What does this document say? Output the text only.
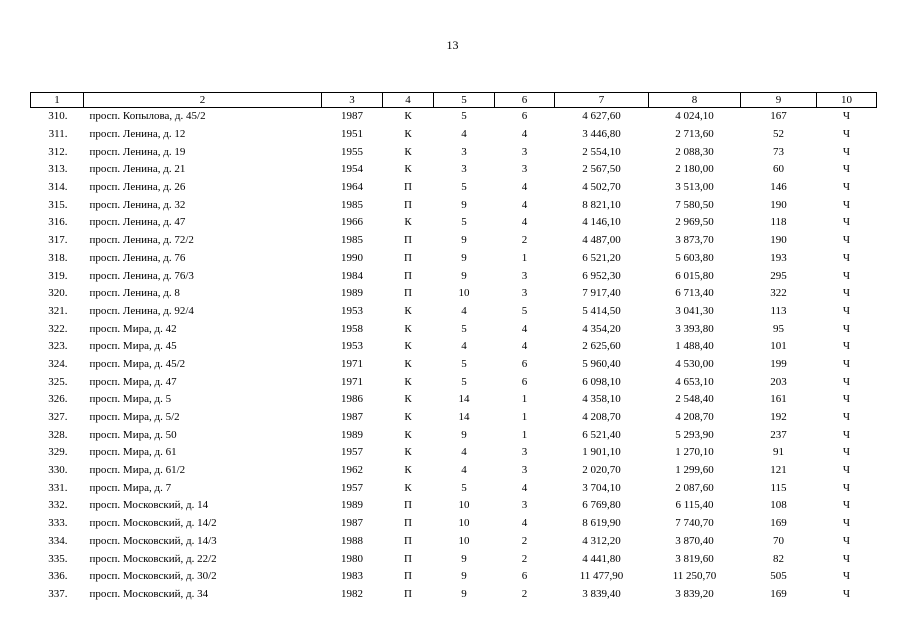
13
1	2	3	4	5	6	7	8	9	10
310.	просп. Копылова, д. 45/2	1987	К	5	6	4 627,60	4 024,10	167	Ч
311.	просп. Ленина, д. 12	1951	К	4	4	3 446,80	2 713,60	52	Ч
312.	просп. Ленина, д. 19	1955	К	3	3	2 554,10	2 088,30	73	Ч
313.	просп. Ленина, д. 21	1954	К	3	3	2 567,50	2 180,00	60	Ч
314.	просп. Ленина, д. 26	1964	П	5	4	4 502,70	3 513,00	146	Ч
315.	просп. Ленина, д. 32	1985	П	9	4	8 821,10	7 580,50	190	Ч
316.	просп. Ленина, д. 47	1966	К	5	4	4 146,10	2 969,50	118	Ч
317.	просп. Ленина, д. 72/2	1985	П	9	2	4 487,00	3 873,70	190	Ч
318.	просп. Ленина, д. 76	1990	П	9	1	6 521,20	5 603,80	193	Ч
319.	просп. Ленина, д. 76/3	1984	П	9	3	6 952,30	6 015,80	295	Ч
320.	просп. Ленина, д. 8	1989	П	10	3	7 917,40	6 713,40	322	Ч
321.	просп. Ленина, д. 92/4	1953	К	4	5	5 414,50	3 041,30	113	Ч
322.	просп. Мира, д. 42	1958	К	5	4	4 354,20	3 393,80	95	Ч
323.	просп. Мира, д. 45	1953	К	4	4	2 625,60	1 488,40	101	Ч
324.	просп. Мира, д. 45/2	1971	К	5	6	5 960,40	4 530,00	199	Ч
325.	просп. Мира, д. 47	1971	К	5	6	6 098,10	4 653,10	203	Ч
326.	просп. Мира, д. 5	1986	К	14	1	4 358,10	2 548,40	161	Ч
327.	просп. Мира, д. 5/2	1987	К	14	1	4 208,70	4 208,70	192	Ч
328.	просп. Мира, д. 50	1989	К	9	1	6 521,40	5 293,90	237	Ч
329.	просп. Мира, д. 61	1957	К	4	3	1 901,10	1 270,10	91	Ч
330.	просп. Мира, д. 61/2	1962	К	4	3	2 020,70	1 299,60	121	Ч
331.	просп. Мира, д. 7	1957	К	5	4	3 704,10	2 087,60	115	Ч
332.	просп. Московский, д. 14	1989	П	10	3	6 769,80	6 115,40	108	Ч
333.	просп. Московский, д. 14/2	1987	П	10	4	8 619,90	7 740,70	169	Ч
334.	просп. Московский, д. 14/3	1988	П	10	2	4 312,20	3 870,40	70	Ч
335.	просп. Московский, д. 22/2	1980	П	9	2	4 441,80	3 819,60	82	Ч
336.	просп. Московский, д. 30/2	1983	П	9	6	11 477,90	11 250,70	505	Ч
337.	просп. Московский, д. 34	1982	П	9	2	3 839,40	3 839,20	169	Ч
